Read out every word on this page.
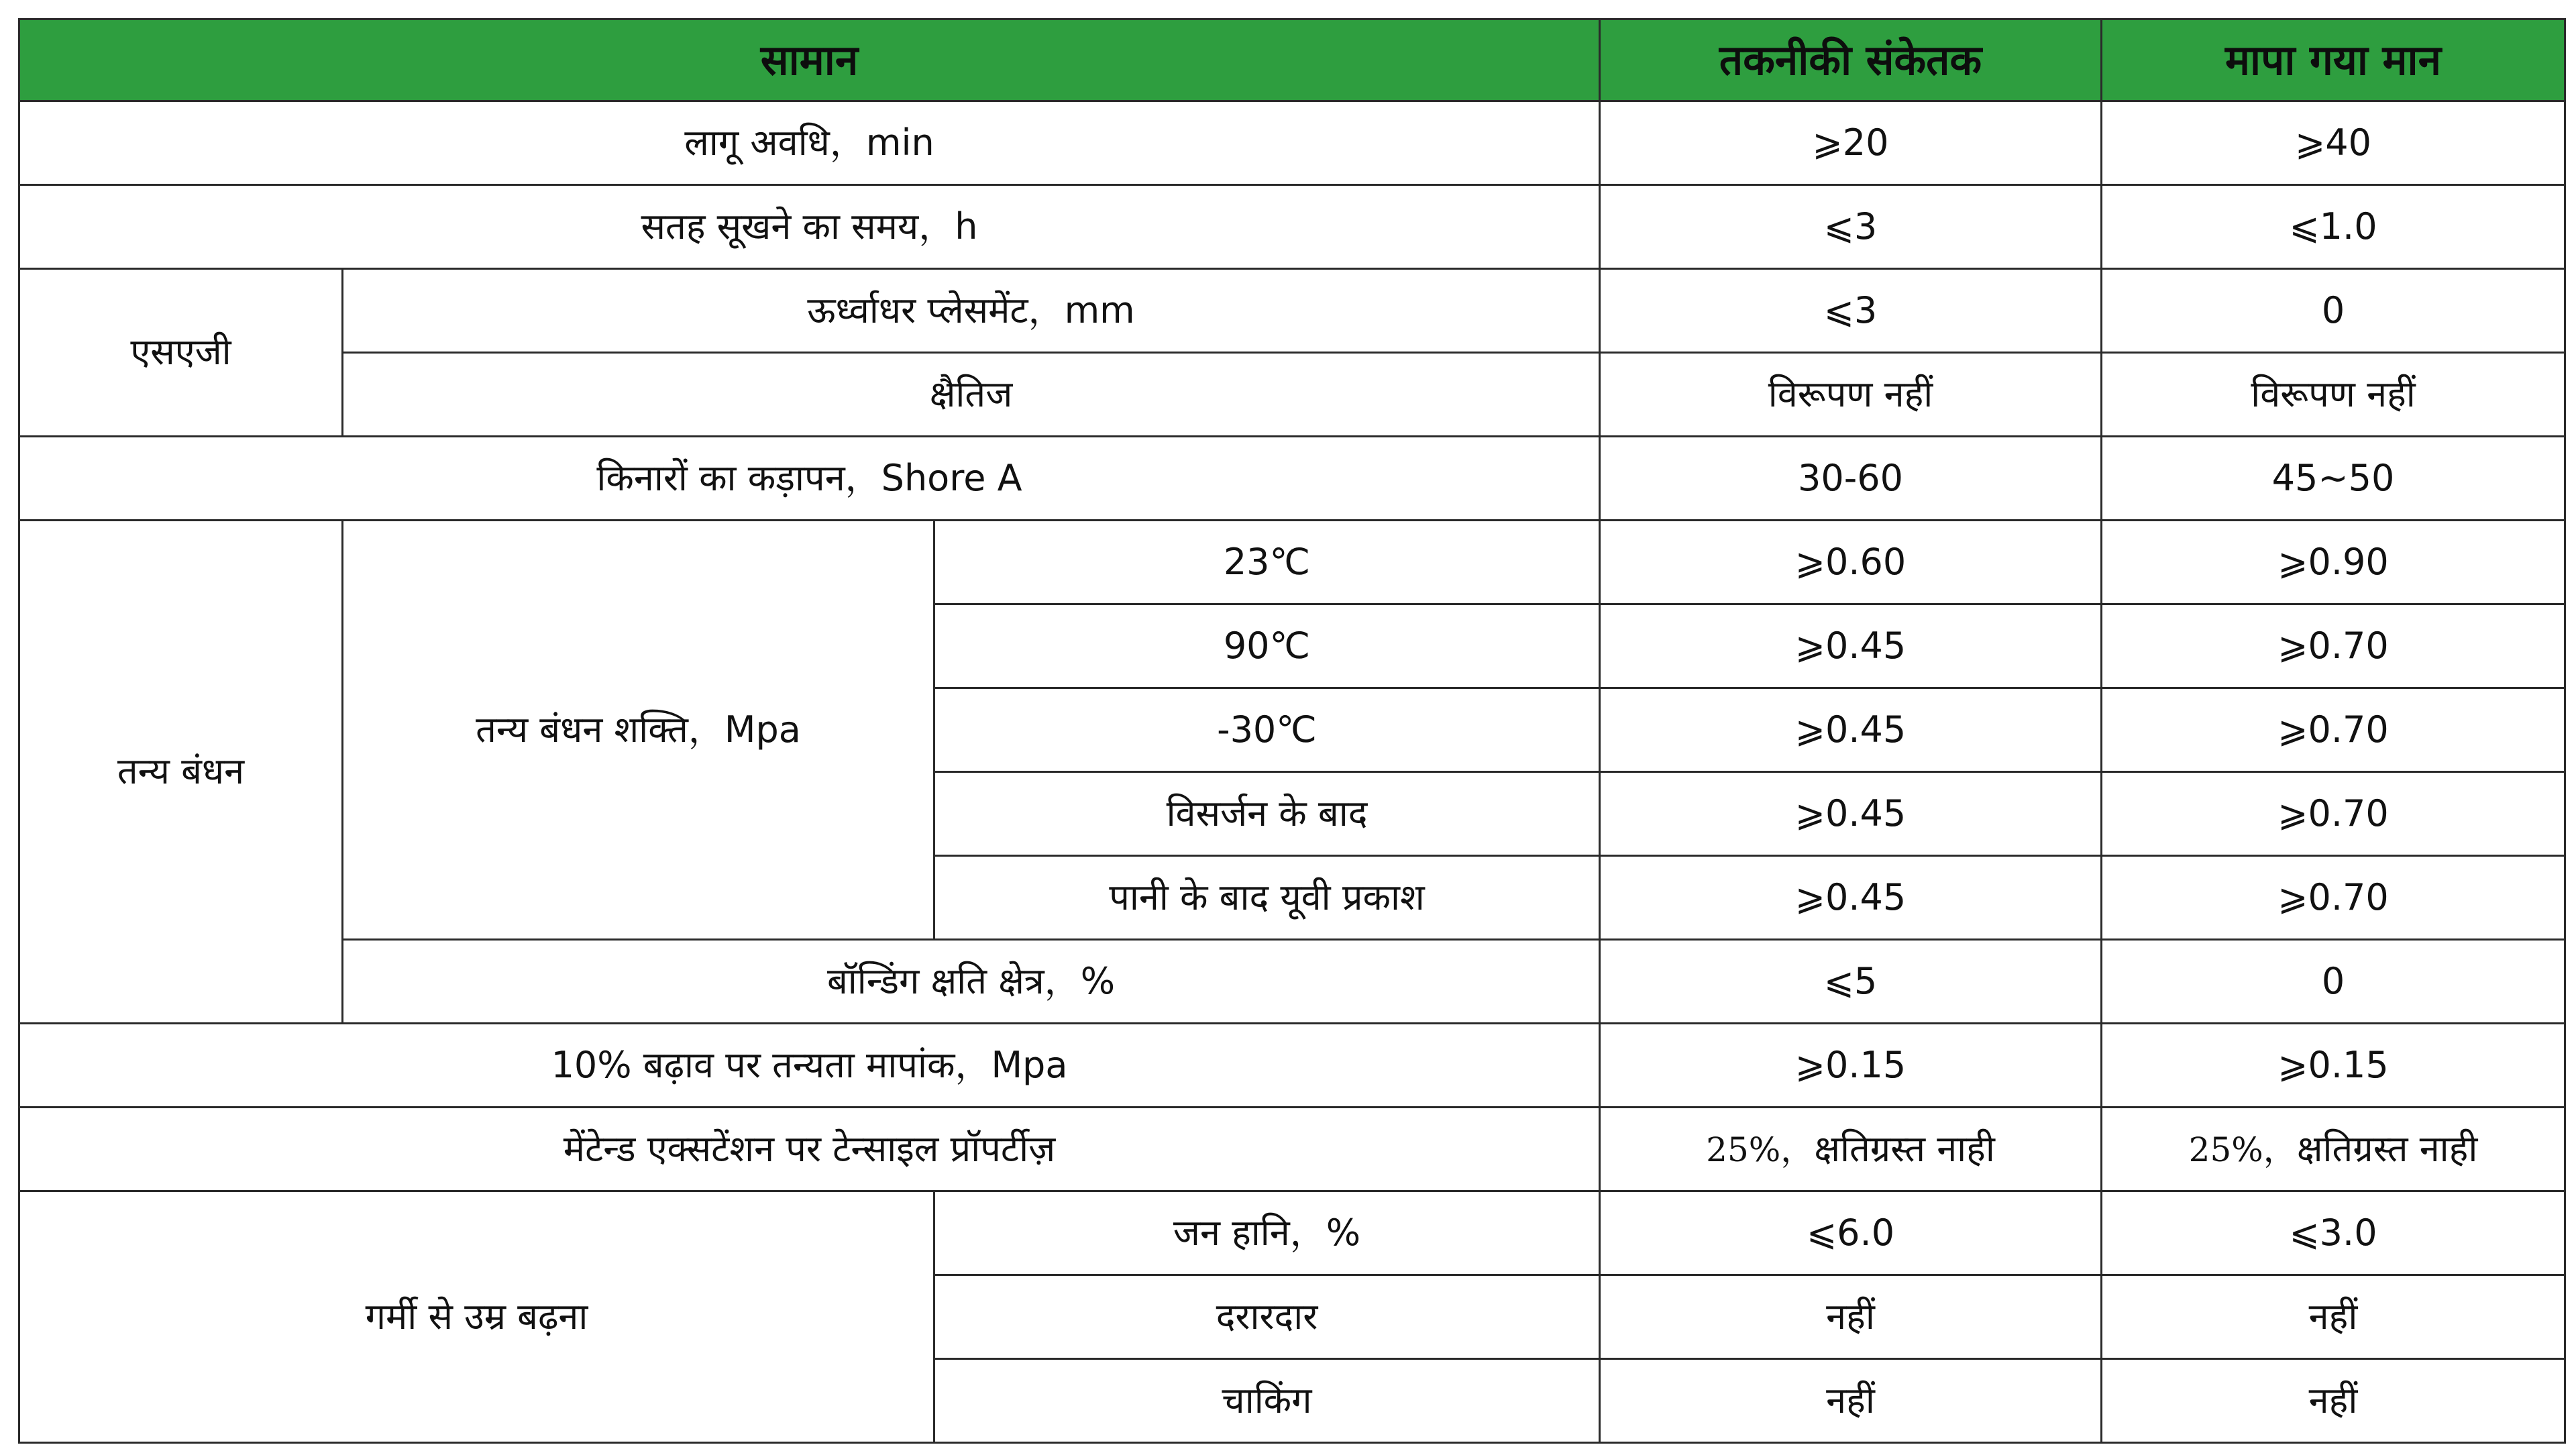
सामान			तकनीकी संकेतक	मापा गया मान
लागू अवधि，min			⩾20	⩾40
सतह सूखने का समय，h			⩽3	⩽1.0
एसएजी	ऊर्ध्वाधर प्लेसमेंट，mm		⩽3	0
	क्षैतिज		विरूपण नहीं	विरूपण नहीं
किनारों का कड़ापन，Shore A			30-60	45~50
तन्य बंधन	तन्य बंधन शक्ति，Mpa	23℃	⩾0.60	⩾0.90
		90℃	⩾0.45	⩾0.70
		-30℃	⩾0.45	⩾0.70
		विसर्जन के बाद	⩾0.45	⩾0.70
		पानी के बाद यूवी प्रकाश	⩾0.45	⩾0.70
	बॉन्डिंग क्षति क्षेत्र，%		⩽5	0
10% बढ़ाव पर तन्यता मापांक，Mpa			⩾0.15	⩾0.15
मेंटेन्ड एक्सटेंशन पर टेन्साइल प्रॉपर्टीज़			25%，क्षतिग्रस्त नाही	25%，क्षतिग्रस्त नाही
गर्मी से उम्र बढ़ना		जन हानि，%	⩽6.0	⩽3.0
		दरारदार	नहीं	नहीं
		चाकिंग	नहीं	नहीं
